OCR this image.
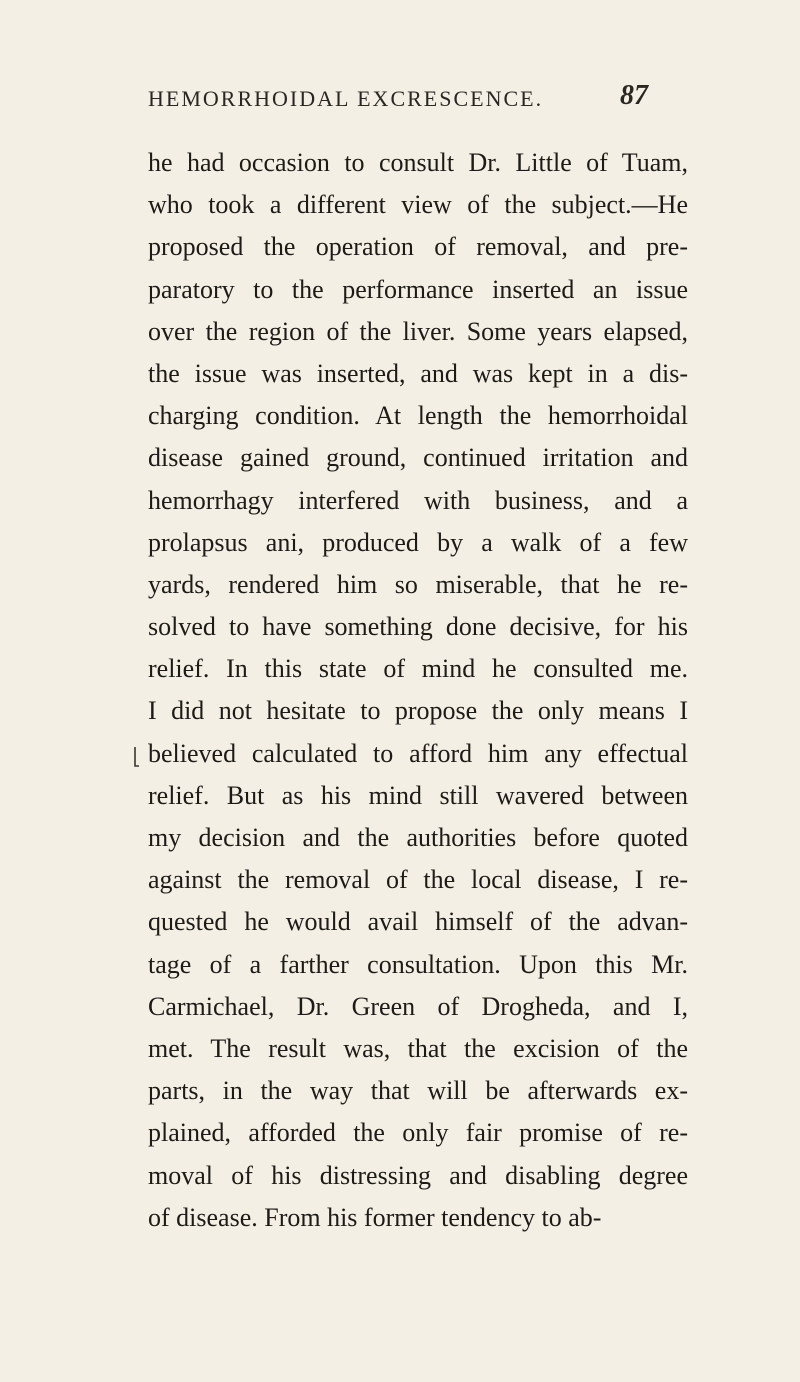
HEMORRHOIDAL EXCRESCENCE.	87
he had occasion to consult Dr. Little of Tuam,
who took a different view of the subject.—He
proposed the operation of removal, and pre-
paratory to the performance inserted an issue
over the region of the liver. Some years elapsed,
the issue was inserted, and was kept in a dis-
charging condition. At length the hemorrhoidal
disease gained ground, continued irritation and
hemorrhagy interfered with business, and a
prolapsus ani, produced by a walk of a few
yards, rendered him so miserable, that he re-
solved to have something done decisive, for his
relief. In this state of mind he consulted me.
I did not hesitate to propose the only means I
believed calculated to afford him any effectual
relief. But as his mind still wavered between
my decision and the authorities before quoted
against the removal of the local disease, I re-
quested he would avail himself of the advan-
tage of a farther consultation. Upon this Mr.
Carmichael, Dr. Green of Drogheda, and I,
met. The result was, that the excision of the
parts, in the way that will be afterwards ex-
plained, afforded the only fair promise of re-
moval of his distressing and disabling degree
of disease. From his former tendency to ab-
